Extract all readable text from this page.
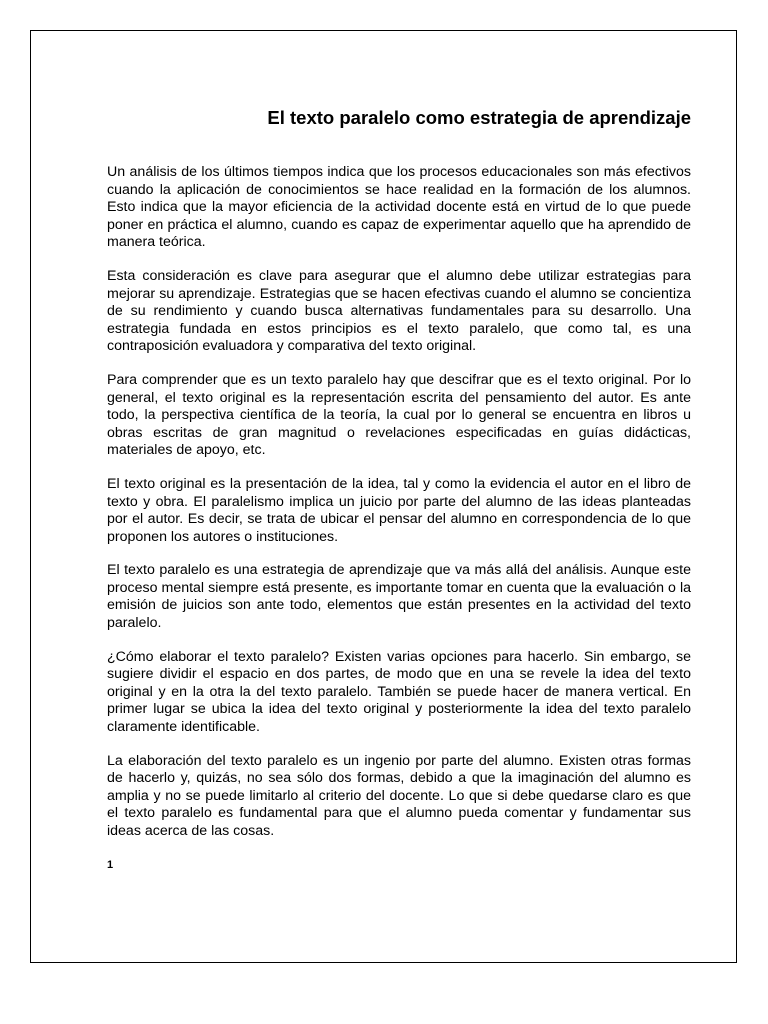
El texto paralelo como estrategia de aprendizaje

Un análisis de los últimos tiempos indica que los procesos educacionales son más efectivos cuando la aplicación de conocimientos se hace realidad en la formación de los alumnos. Esto indica que la mayor eficiencia de la actividad docente está en virtud de lo que puede poner en práctica el alumno, cuando es capaz de experimentar aquello que ha aprendido de manera teórica.

Esta consideración es clave para asegurar que el alumno debe utilizar estrategias para mejorar su aprendizaje. Estrategias que se hacen efectivas cuando el alumno se concientiza de su rendimiento y cuando busca alternativas fundamentales para su desarrollo. Una estrategia fundada en estos principios es el texto paralelo, que como tal, es una contraposición evaluadora y comparativa del texto original.

Para comprender que es un texto paralelo hay que descifrar que es el texto original. Por lo general, el texto original es la representación escrita del pensamiento del autor. Es ante todo, la perspectiva científica de la teoría, la cual por lo general se encuentra en libros u obras escritas de gran magnitud o revelaciones especificadas en guías didácticas, materiales de apoyo, etc.

El texto original es la presentación de la idea, tal y como la evidencia el autor en el libro de texto y obra. El paralelismo implica un juicio por parte del alumno de las ideas planteadas por el autor. Es decir, se trata de ubicar el pensar del alumno en correspondencia de lo que proponen los autores o instituciones.

El texto paralelo es una estrategia de aprendizaje que va más allá del análisis. Aunque este proceso mental siempre está presente, es importante tomar en cuenta que la evaluación o la emisión de juicios son ante todo, elementos que están presentes en la actividad del texto paralelo.

¿Cómo elaborar el texto paralelo? Existen varias opciones para hacerlo. Sin embargo, se sugiere dividir el espacio en dos partes, de modo que en una se revele la idea del texto original y en la otra la del texto paralelo. También se puede hacer de manera vertical. En primer lugar se ubica la idea del texto original y posteriormente la idea del texto paralelo claramente identificable.

La elaboración del texto paralelo es un ingenio por parte del alumno. Existen otras formas de hacerlo y, quizás, no sea sólo dos formas, debido a que la imaginación del alumno es amplia y no se puede limitarlo al criterio del docente. Lo que si debe quedarse claro es que el texto paralelo es fundamental para que el alumno pueda comentar y fundamentar sus ideas acerca de las cosas.

1
